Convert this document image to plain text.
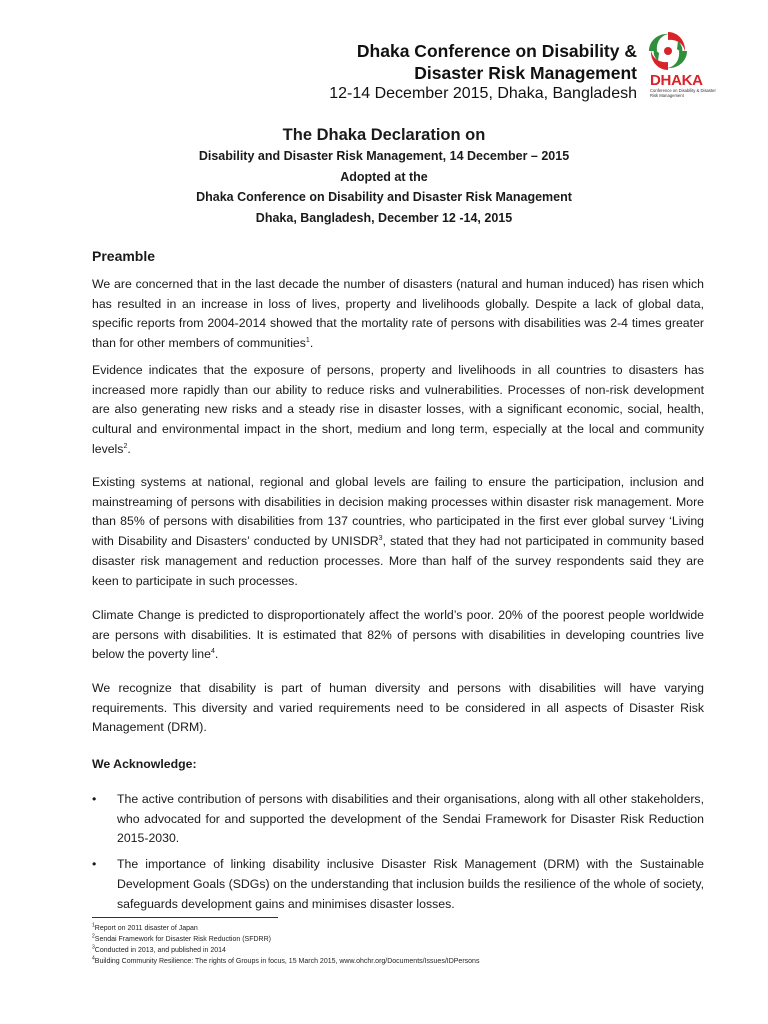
Dhaka Conference on Disability &
Disaster Risk Management
12-14 December 2015, Dhaka, Bangladesh
DHAKA
Conference on Disability & Disaster Risk Management
The Dhaka Declaration on
Disability and Disaster Risk Management, 14 December – 2015
Adopted at the
Dhaka Conference on Disability and Disaster Risk Management
Dhaka, Bangladesh, December 12 -14, 2015
Preamble

We are concerned that in the last decade the number of disasters (natural and human induced) has risen which has resulted in an increase in loss of lives, property and livelihoods globally. Despite a lack of global data, specific reports from 2004-2014 showed that the mortality rate of persons with disabilities was 2-4 times greater than for other members of communities$^1$.

Evidence indicates that the exposure of persons, property and livelihoods in all countries to disasters has increased more rapidly than our ability to reduce risks and vulnerabilities. Processes of non-risk development are also generating new risks and a steady rise in disaster losses, with a significant economic, social, health, cultural and environmental impact in the short, medium and long term, especially at the local and community levels$^2$.

Existing systems at national, regional and global levels are failing to ensure the participation, inclusion and mainstreaming of persons with disabilities in decision making processes within disaster risk management. More than 85% of persons with disabilities from 137 countries, who participated in the first ever global survey ‘Living with Disability and Disasters’ conducted by UNISDR$^3$, stated that they had not participated in community based disaster risk management and reduction processes. More than half of the survey respondents said they are keen to participate in such processes.

Climate Change is predicted to disproportionately affect the world’s poor. 20% of the poorest people worldwide are persons with disabilities. It is estimated that 82% of persons with disabilities in developing countries live below the poverty line$^4$.

We recognize that disability is part of human diversity and persons with disabilities will have varying requirements. This diversity and varied requirements need to be considered in all aspects of Disaster Risk Management (DRM).

We Acknowledge:
• The active contribution of persons with disabilities and their organisations, along with all other stakeholders, who advocated for and supported the development of the Sendai Framework for Disaster Risk Reduction 2015-2030.
• The importance of linking disability inclusive Disaster Risk Management (DRM) with the Sustainable Development Goals (SDGs) on the understanding that inclusion builds the resilience of the whole of society, safeguards development gains and minimises disaster losses.
$^1$Report on 2011 disaster of Japan
$^2$Sendai Framework for Disaster Risk Reduction (SFDRR)
$^3$Conducted in 2013, and published in 2014
$^4$Building Community Resilience: The rights of Groups in focus, 15 March 2015, www.ohchr.org/Documents/Issues/IDPersons
